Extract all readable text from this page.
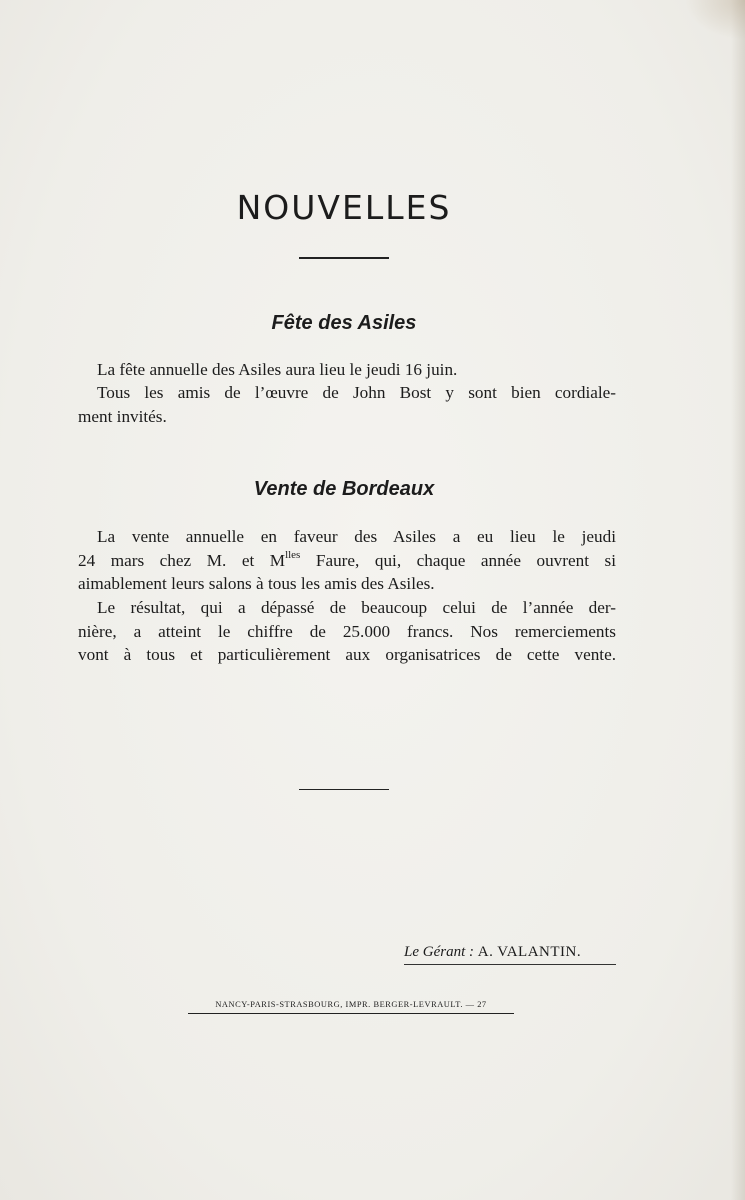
NOUVELLES
Fête des Asiles

La fête annuelle des Asiles aura lieu le jeudi 16 juin.

Tous les amis de l’œuvre de John Bost y sont bien cordiale-
ment invités.

Vente de Bordeaux

La vente annuelle en faveur des Asiles a eu lieu le jeudi
24 mars chez M. et $M^{lles}$ Faure, qui, chaque année ouvrent si
aimablement leurs salons à tous les amis des Asiles.

Le résultat, qui a dépassé de beaucoup celui de l’année der-
nière, a atteint le chiffre de 25.000 francs. Nos remerciements
vont à tous et particulièrement aux organisatrices de cette vente.

Le Gérant : A. VALANTIN.
NANCY-PARIS-STRASBOURG, IMPR. BERGER-LEVRAULT. — 27
